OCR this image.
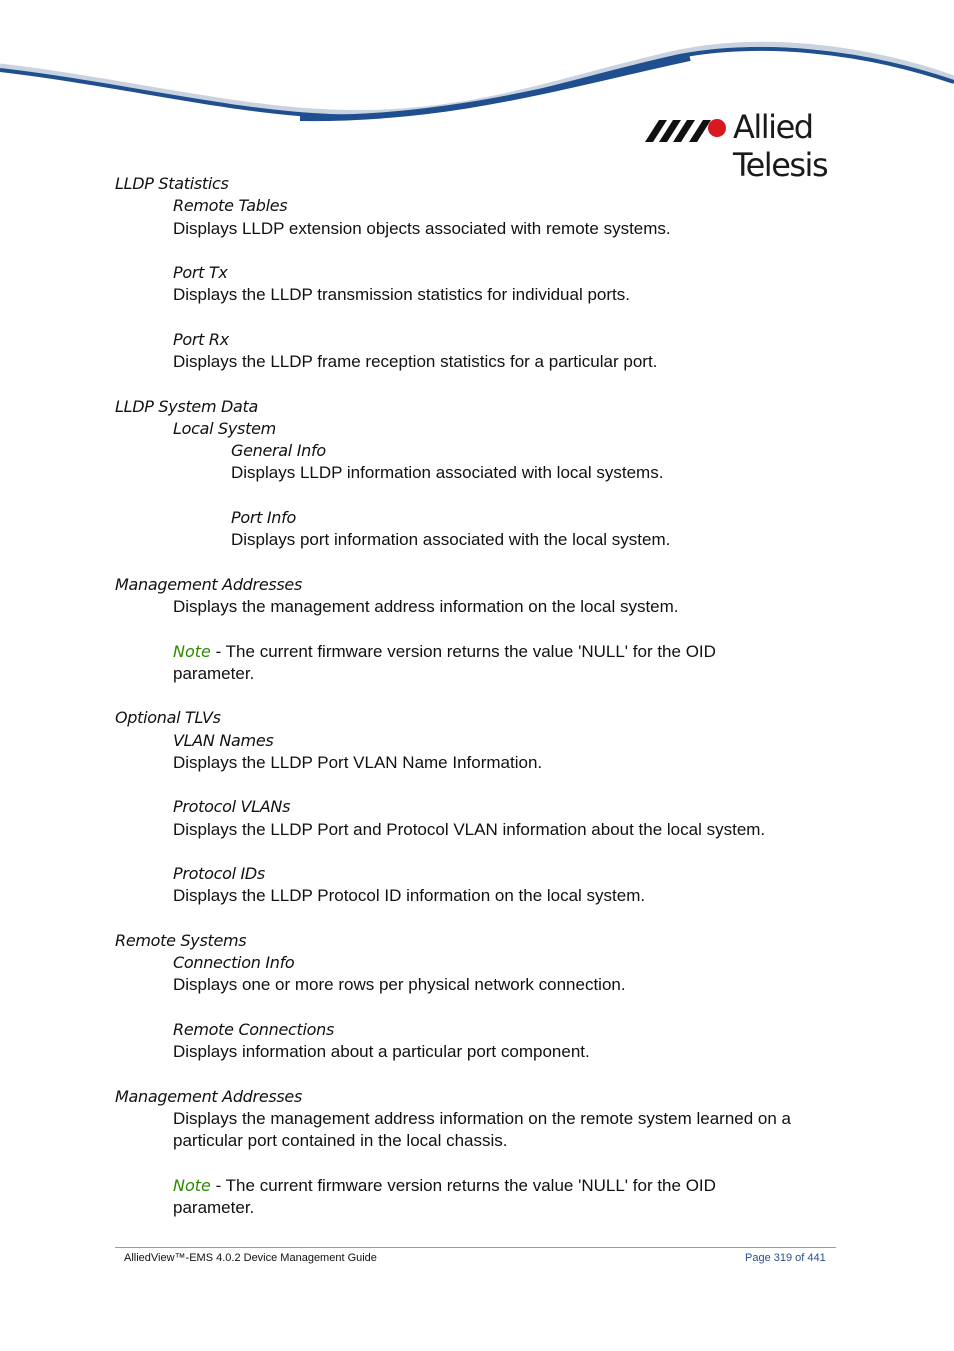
Allied Telesis
LLDP Statistics
Remote Tables
Displays LLDP extension objects associated with remote systems.
Port Tx
Displays the LLDP transmission statistics for individual ports.
Port Rx
Displays the LLDP frame reception statistics for a particular port.
LLDP System Data
Local System
General Info
Displays LLDP information associated with local systems.
Port Info
Displays port information associated with the local system.
Management Addresses
Displays the management address information on the local system.
Note - The current firmware version returns the value 'NULL' for the OID
parameter.
Optional TLVs
VLAN Names
Displays the LLDP Port VLAN Name Information.
Protocol VLANs
Displays the LLDP Port and Protocol VLAN information about the local system.
Protocol IDs
Displays the LLDP Protocol ID information on the local system.
Remote Systems
Connection Info
Displays one or more rows per physical network connection.
Remote Connections
Displays information about a particular port component.
Management Addresses
Displays the management address information on the remote system learned on a
particular port contained in the local chassis.
Note - The current firmware version returns the value 'NULL' for the OID
parameter.
AlliedView™-EMS 4.0.2 Device Management Guide	Page 319 of 441
